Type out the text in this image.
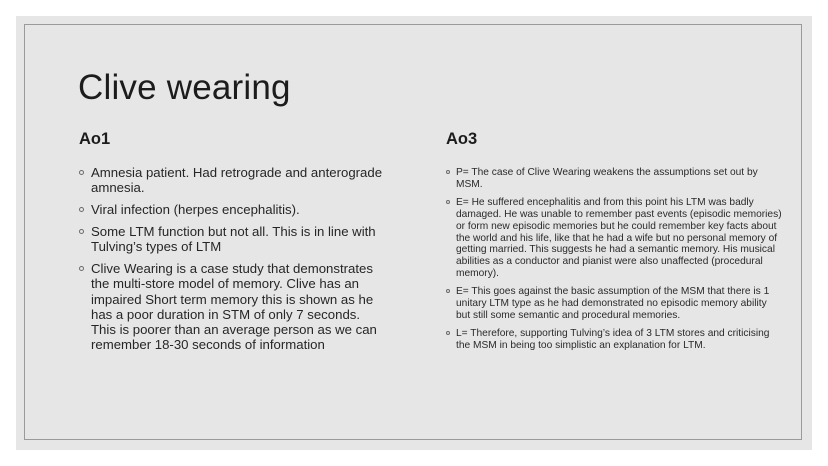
Clive wearing
Ao1
Amnesia patient. Had retrograde and anterograde amnesia.
Viral infection (herpes encephalitis).
Some LTM function but not all. This is in line with Tulving’s types of LTM
Clive Wearing is a case study that demonstrates the multi-store model of memory. Clive has an impaired Short term memory this is shown as he has a poor duration in STM of only 7 seconds. This is poorer than an average person as we can remember 18-30 seconds of information
Ao3
P= The case of Clive Wearing weakens the assumptions set out by MSM.
E= He suffered encephalitis and from this point his LTM was badly damaged. He was unable to remember past events (episodic memories) or form new episodic memories but he could remember key facts about the world and his life, like that he had a wife but no personal memory of getting married. This suggests he had a semantic memory. His musical abilities as a conductor and pianist were also unaffected (procedural memory).
E= This goes against the basic assumption of the MSM that there is 1 unitary LTM type as he had demonstrated no episodic memory ability but still some semantic and procedural memories.
L= Therefore, supporting Tulving’s idea of 3 LTM stores and criticising the MSM in being too simplistic an explanation for LTM.
